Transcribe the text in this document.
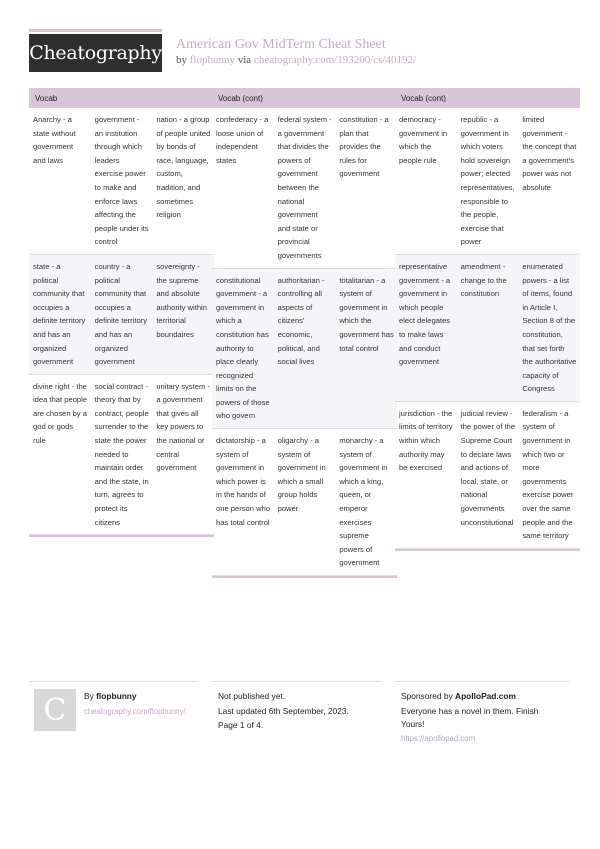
Cheatography American Gov MidTerm Cheat Sheet
by flopbunny via cheatography.com/193200/cs/40192/
Vocab
Anarchy - a state without government and laws
government - an institution through which leaders exercise power to make and enforce laws affecting the people under its control
nation - a group of people united by bonds of race, language, custom, tradition, and sometimes religion
state - a political community that occupies a definite territory and has an organized government
country - a political community that occupies a definite territory and has an organized government
sovereignty - the supreme and absolute authority within territorial boundaires
divine right - the idea that people are chosen by a god or gods rule
social contract - theory that by contract, people surrender to the state the power needed to maintain order and the state, in turn, agrees to protect its citizens
unitary system - a government that gives all key powers to the national or central government
Vocab (cont)
confederacy - a loose union of independent states
federal system - a government that divides the powers of government between the national government and state or provincial governments
constitution - a plan that provides the rules for government
constitutional government - a government in which a constitution has authority to place clearly recognized limits on the powers of those who govern
authoritarian - controlling all aspects of citizens' economic, political, and social lives
totalitarian - a system of government in which the government has total control
dictatorship - a system of government in which power is in the hands of one person who has total control
oligarchy - a system of government in which a small group holds power
monarchy - a system of government in which a king, queen, or emperor exercises supreme powers of government
Vocab (cont)
democracy - government in which the people rule
republic - a government in which voters hold sovereign power; elected representatives, responsible to the people, exercise that power
limited government - the concept that a government's power was not absolute
representative government - a government in which people elect delegates to make laws and conduct government
amendment - change to the constitution
enumerated powers - a list of items, found in Article I, Section 8 of the constitution, that set forth the authoritative capacity of Congress
jurisdiction - the limits of territory within which authority may be exercised
judicial review - the power of the Supreme Court to declare laws and actions of local, state, or national governments unconstitutional
federalism - a system of government in which two or more governments exercise power over the same people and the same territory
C By flopbunny
cheatography.com/flopbunny/
Not published yet.
Last updated 6th September, 2023.
Page 1 of 4.
Sponsored by ApolloPad.com
Everyone has a novel in them. Finish Yours!
https://apollopad.com
